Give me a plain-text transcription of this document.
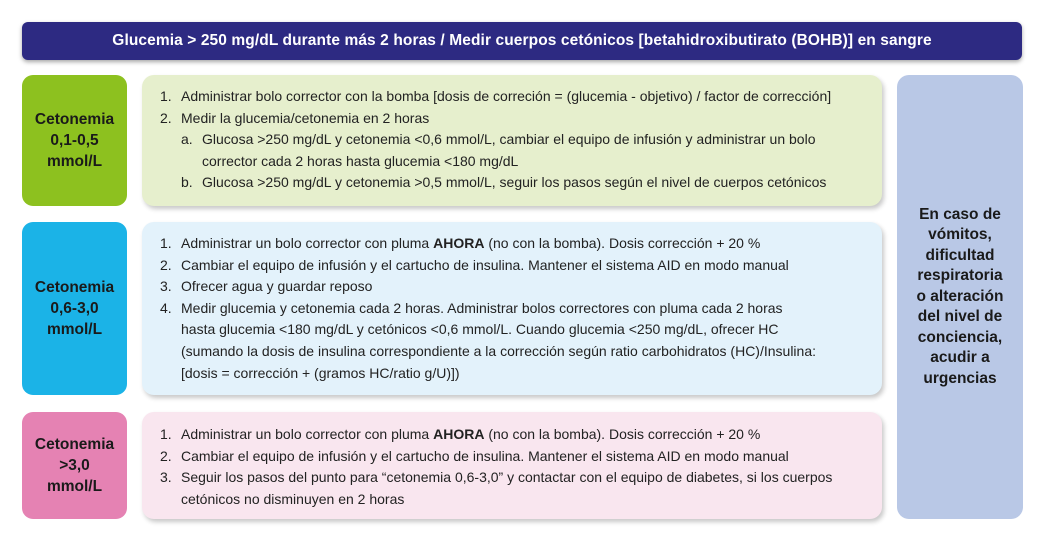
Glucemia > 250 mg/dL durante más 2 horas / Medir cuerpos cetónicos [betahidroxibutirato (BOHB)] en sangre
Cetonemia
0,1-0,5
mmol/L
1. Administrar bolo corrector con la bomba [dosis de correción = (glucemia - objetivo) / factor de corrección]
2. Medir la glucemia/cetonemia en 2 horas
a. Glucosa >250 mg/dL y cetonemia <0,6 mmol/L, cambiar el equipo de infusión y administrar un bolo
corrector cada 2 horas hasta glucemia <180 mg/dL
b. Glucosa >250 mg/dL y cetonemia >0,5 mmol/L, seguir los pasos según el nivel de cuerpos cetónicos
Cetonemia
0,6-3,0
mmol/L
1. Administrar un bolo corrector con pluma AHORA (no con la bomba). Dosis corrección + 20 %
2. Cambiar el equipo de infusión y el cartucho de insulina. Mantener el sistema AID en modo manual
3. Ofrecer agua y guardar reposo
4. Medir glucemia y cetonemia cada 2 horas. Administrar bolos correctores con pluma cada 2 horas
hasta glucemia <180 mg/dL y cetónicos <0,6 mmol/L. Cuando glucemia <250 mg/dL, ofrecer HC
(sumando la dosis de insulina correspondiente a la corrección según ratio carbohidratos (HC)/Insulina:
[dosis = corrección + (gramos HC/ratio g/U)])
Cetonemia
>3,0
mmol/L
1. Administrar un bolo corrector con pluma AHORA (no con la bomba). Dosis corrección + 20 %
2. Cambiar el equipo de infusión y el cartucho de insulina. Mantener el sistema AID en modo manual
3. Seguir los pasos del punto para “cetonemia 0,6-3,0” y contactar con el equipo de diabetes, si los cuerpos
cetónicos no disminuyen en 2 horas
En caso de
vómitos,
dificultad
respiratoria
o alteración
del nivel de
conciencia,
acudir a
urgencias
